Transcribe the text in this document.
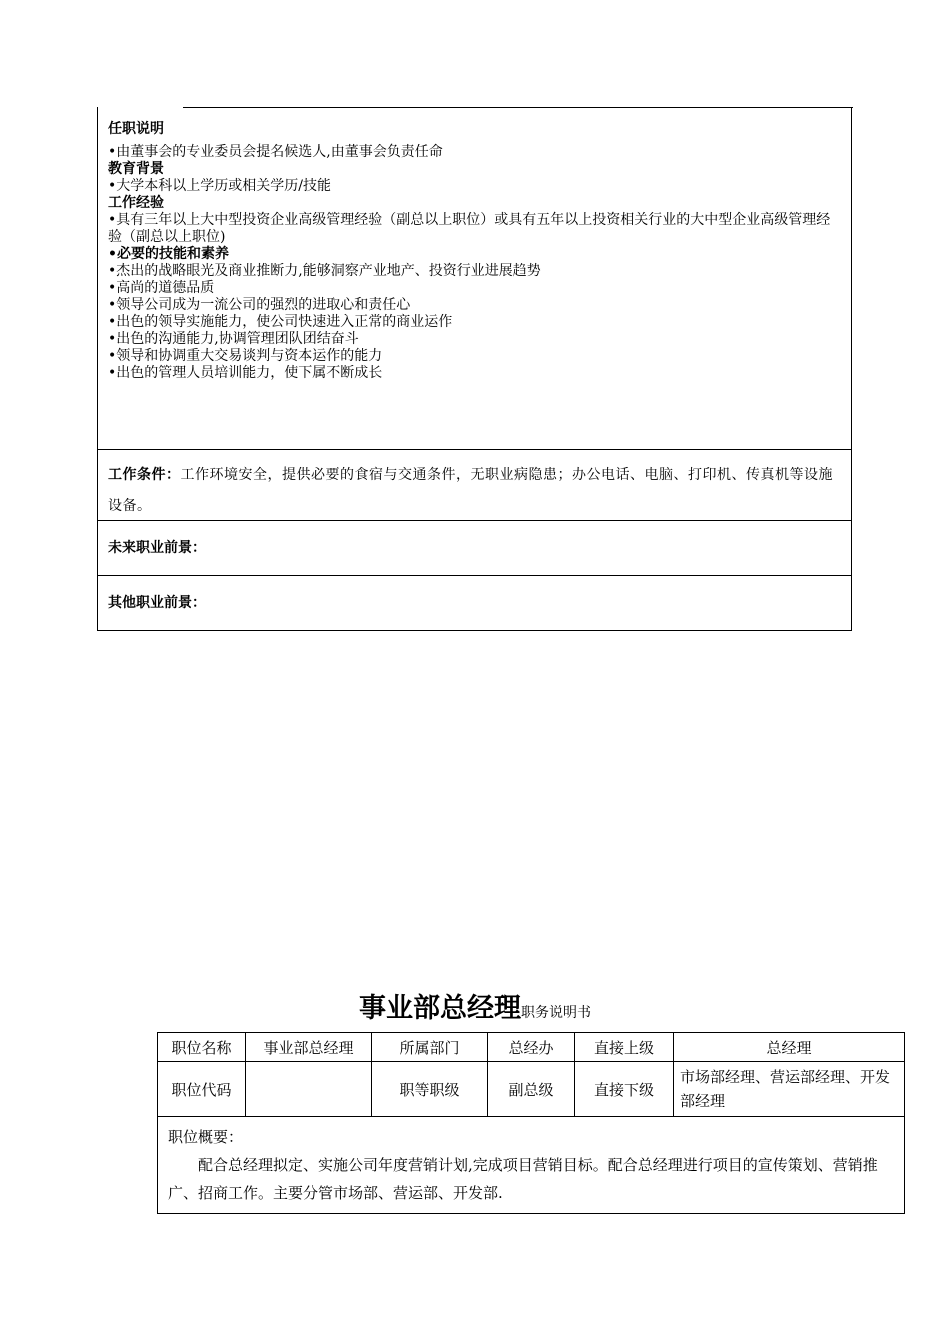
任职说明
•由董事会的专业委员会提名候选人,由董事会负责任命
教育背景
•大学本科以上学历或相关学历/技能
工作经验
•具有三年以上大中型投资企业高级管理经验（副总以上职位）或具有五年以上投资相关行业的大中型企业高级管理经验（副总以上职位)
•必要的技能和素养
•杰出的战略眼光及商业推断力,能够洞察产业地产、投资行业进展趋势
•高尚的道德品质
•领导公司成为一流公司的强烈的进取心和责任心
•出色的领导实施能力，使公司快速进入正常的商业运作
•出色的沟通能力,协调管理团队团结奋斗
•领导和协调重大交易谈判与资本运作的能力
•出色的管理人员培训能力，使下属不断成长
工作条件：工作环境安全，提供必要的食宿与交通条件，无职业病隐患；办公电话、电脑、打印机、传真机等设施设备。
未来职业前景：
其他职业前景：
事业部总经理职务说明书
职位名称	事业部总经理	所属部门	总经办	直接上级	总经理
职位代码		职等职级	副总级	直接下级	市场部经理、营运部经理、开发部经理
职位概要：
配合总经理拟定、实施公司年度营销计划,完成项目营销目标。配合总经理进行项目的宣传策划、营销推广、招商工作。主要分管市场部、营运部、开发部.					
